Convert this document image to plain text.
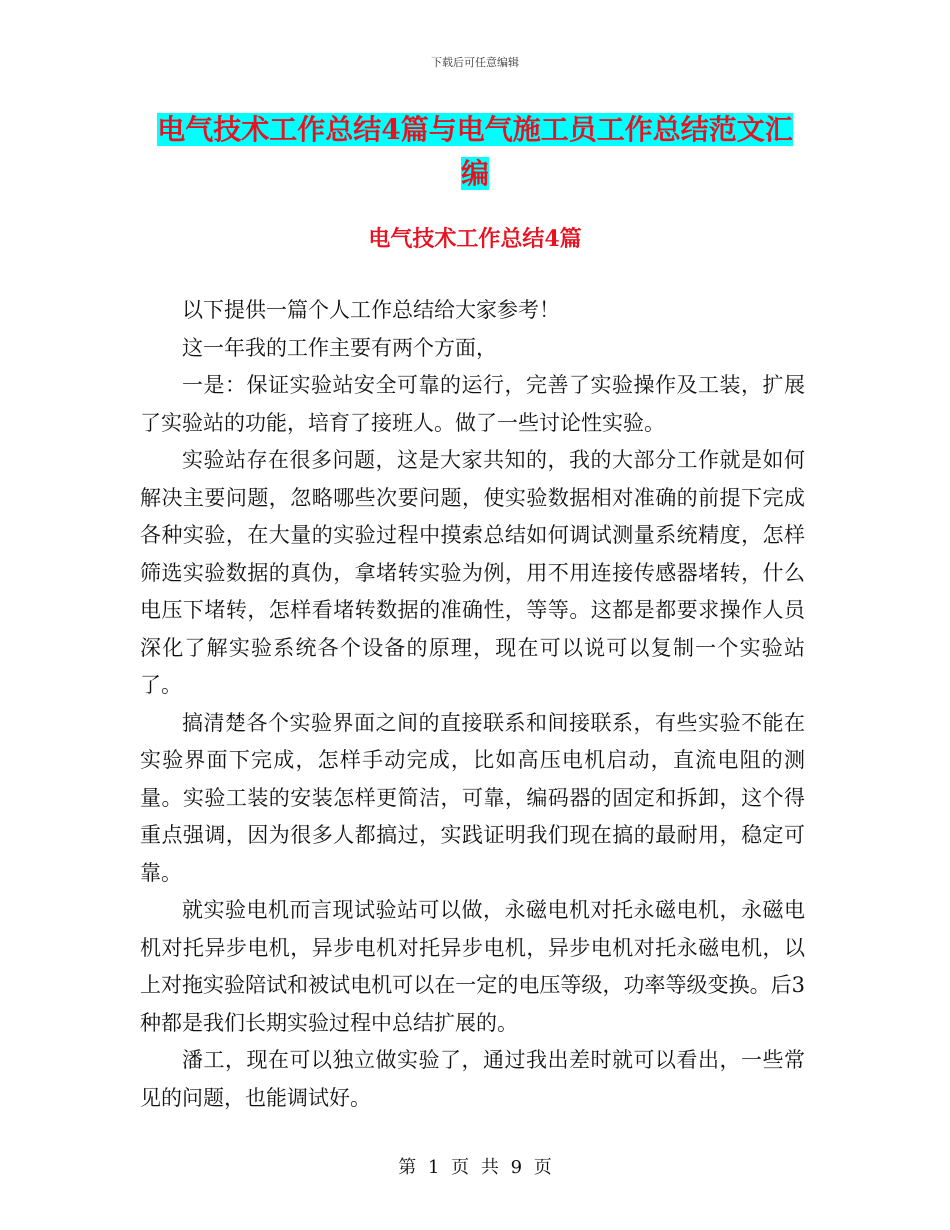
下载后可任意编辑
电气技术工作总结4篇与电气施工员工作总结范文汇
编
电气技术工作总结4篇

以下提供一篇个人工作总结给大家参考！

这一年我的工作主要有两个方面，

一是：保证实验站安全可靠的运行，完善了实验操作及工装，扩展了实验站的功能，培育了接班人。做了一些讨论性实验。

实验站存在很多问题，这是大家共知的，我的大部分工作就是如何解决主要问题，忽略哪些次要问题，使实验数据相对准确的前提下完成各种实验，在大量的实验过程中摸索总结如何调试测量系统精度，怎样筛选实验数据的真伪，拿堵转实验为例，用不用连接传感器堵转，什么电压下堵转，怎样看堵转数据的准确性，等等。这都是都要求操作人员深化了解实验系统各个设备的原理，现在可以说可以复制一个实验站了。

搞清楚各个实验界面之间的直接联系和间接联系，有些实验不能在实验界面下完成，怎样手动完成，比如高压电机启动，直流电阻的测量。实验工装的安装怎样更简洁，可靠，编码器的固定和拆卸，这个得重点强调，因为很多人都搞过，实践证明我们现在搞的最耐用，稳定可靠。

就实验电机而言现试验站可以做，永磁电机对托永磁电机，永磁电机对托异步电机，异步电机对托异步电机，异步电机对托永磁电机，以上对拖实验陪试和被试电机可以在一定的电压等级，功率等级变换。后3种都是我们长期实验过程中总结扩展的。

潘工，现在可以独立做实验了，通过我出差时就可以看出，一些常见的问题，也能调试好。

第 1 页 共 9 页
